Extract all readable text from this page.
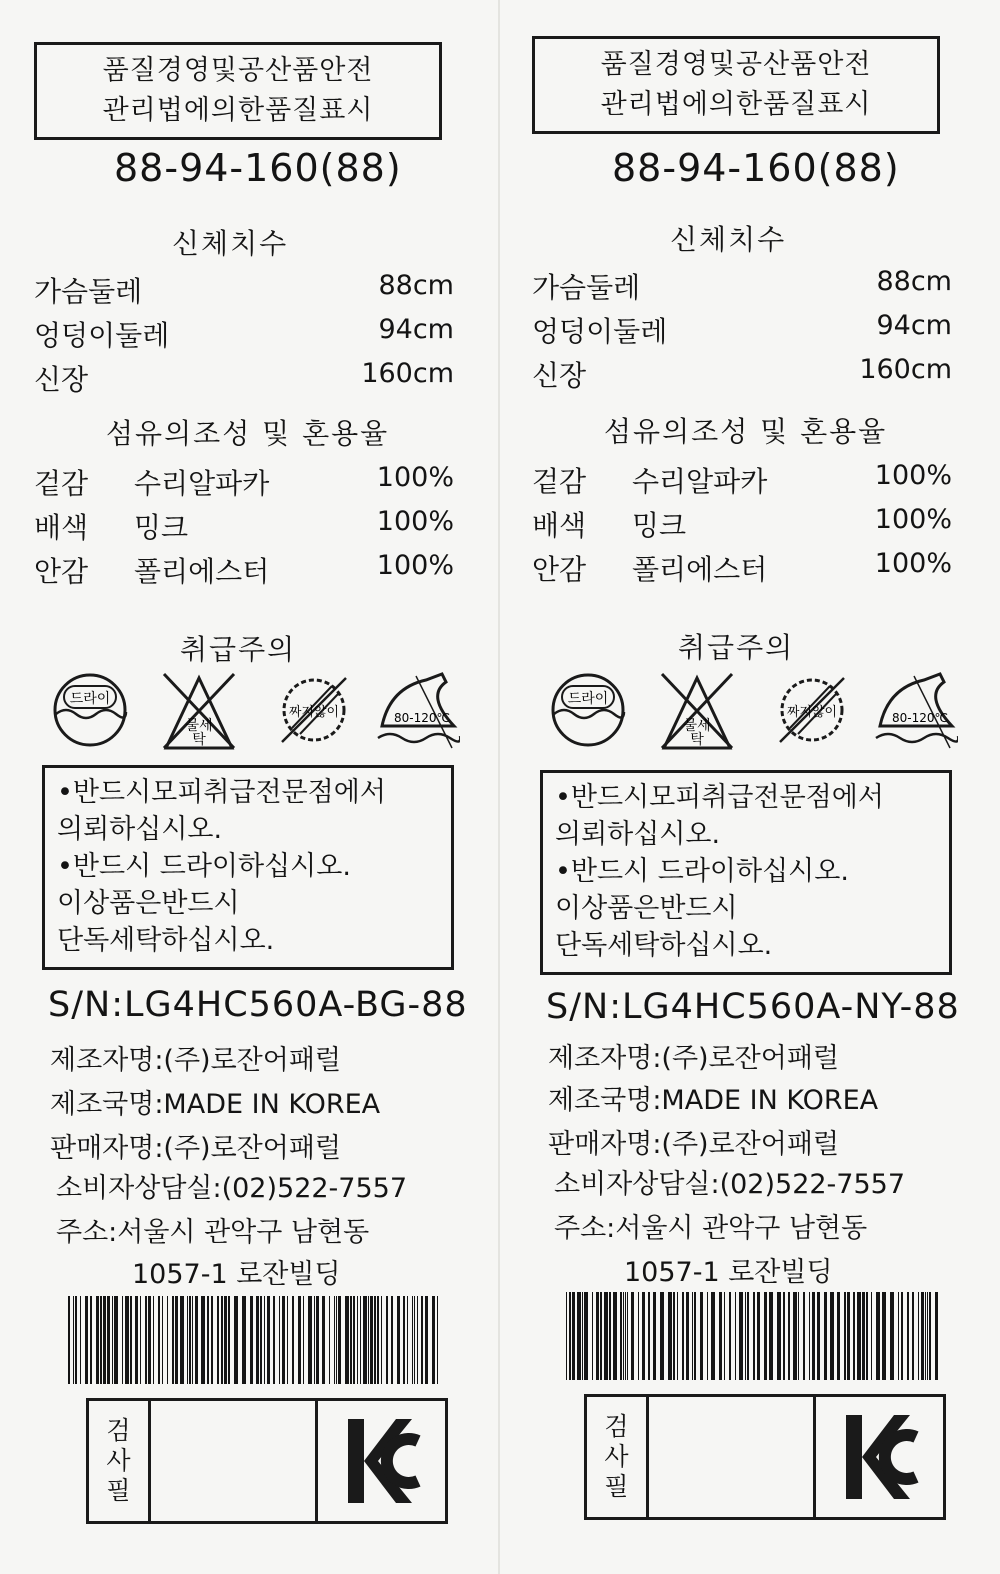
품질경영및공산품안전
관리법에의한품질표시
88-94-160(88)
신체치수
가슴둘레	88cm
엉덩이둘레	94cm
신장	160cm
섬유의조성 및 혼용율
겉감 수리알파카	100%
배색 밍크	100%
안감 폴리에스터	100%
취급주의
드라이
물세
탁
짜지않이	80-120℃
•반드시모피취급전문점에서
의뢰하십시오.
•반드시 드라이하십시오.
이상품은반드시
단독세탁하십시오.
S/N:LG4HC560A-BG-88
제조자명:(주)로잔어패럴
제조국명:MADE IN KOREA
판매자명:(주)로잔어패럴
소비자상담실:(02)522-7557
주소:서울시 관악구 남현동
1057-1 로잔빌딩
검
사
필
품질경영및공산품안전
관리법에의한품질표시
88-94-160(88)
신체치수
가슴둘레	88cm
엉덩이둘레	94cm
신장	160cm
섬유의조성 및 혼용율
겉감 수리알파카	100%
배색 밍크	100%
안감 폴리에스터	100%
취급주의
드라이
물세
탁
짜지않이	80-120℃
•반드시모피취급전문점에서
의뢰하십시오.
•반드시 드라이하십시오.
이상품은반드시
단독세탁하십시오.
S/N:LG4HC560A-NY-88
제조자명:(주)로잔어패럴
제조국명:MADE IN KOREA
판매자명:(주)로잔어패럴
소비자상담실:(02)522-7557
주소:서울시 관악구 남현동
1057-1 로잔빌딩
검
사
필
